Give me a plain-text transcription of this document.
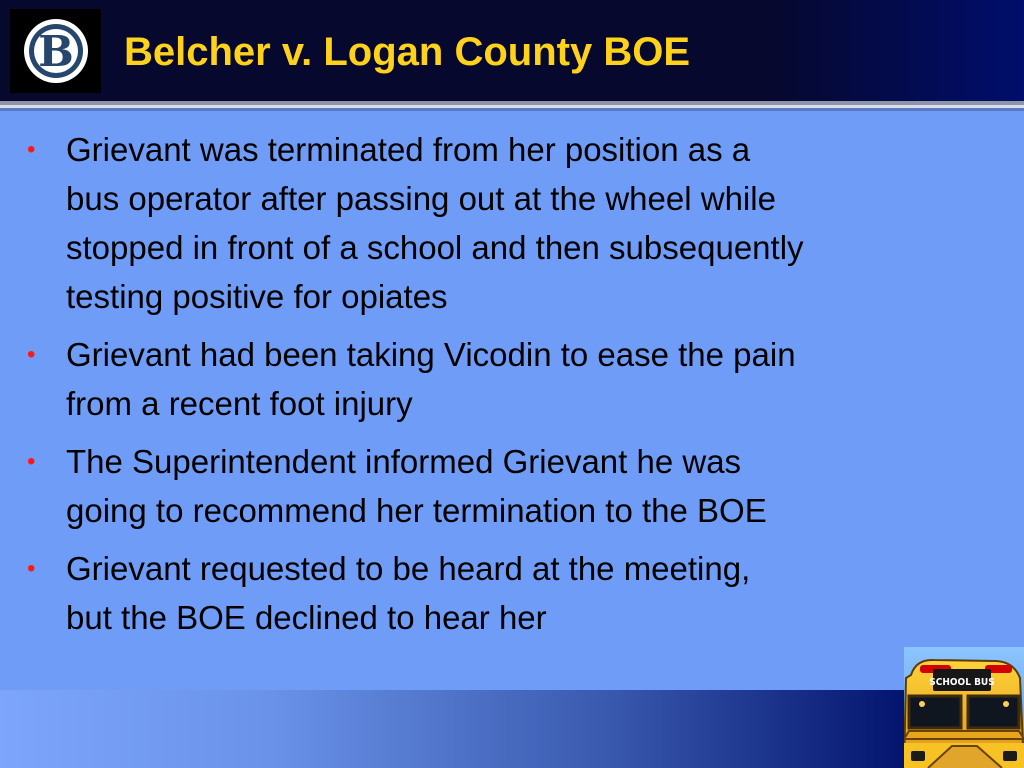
B Belcher v. Logan County BOE
• Grievant was terminated from her position as a
bus operator after passing out at the wheel while
stopped in front of a school and then subsequently
testing positive for opiates
• Grievant had been taking Vicodin to ease the pain
from a recent foot injury
• The Superintendent informed Grievant he was
going to recommend her termination to the BOE
• Grievant requested to be heard at the meeting,
but the BOE declined to hear her
SCHOOL BUS
